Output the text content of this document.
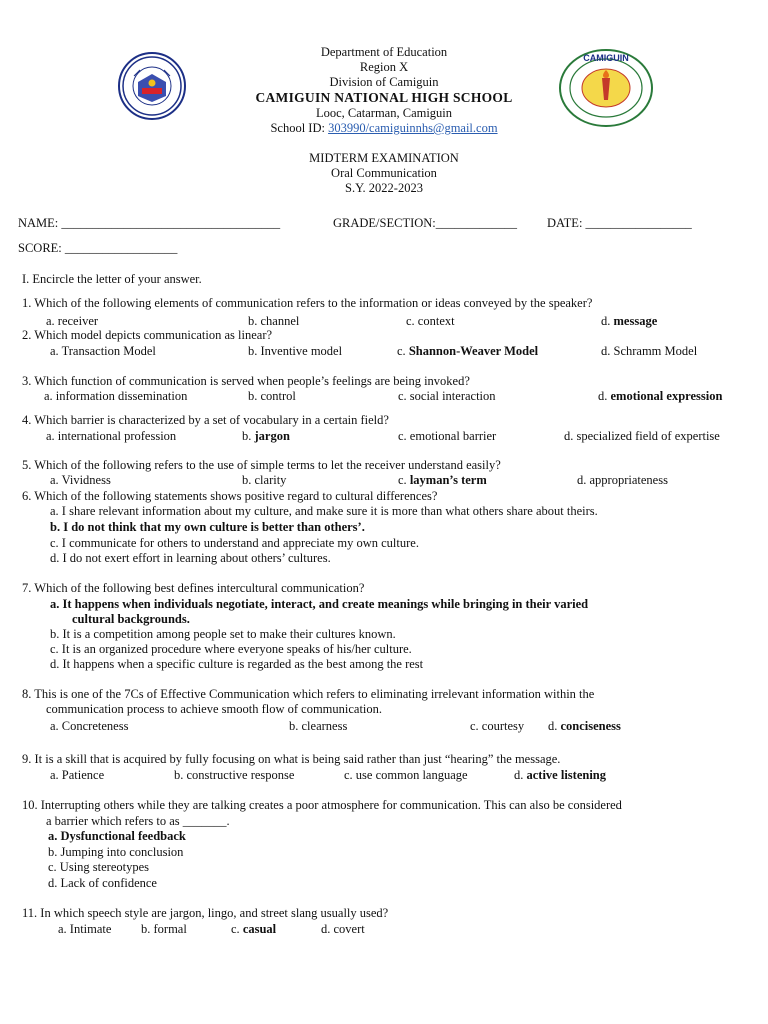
CAMIGUIN
Department of Education
Region X
Division of Camiguin
CAMIGUIN NATIONAL HIGH SCHOOL
Looc, Catarman, Camiguin
School ID: 303990/camiguinnhs@gmail.com
MIDTERM EXAMINATION
Oral Communication
S.Y. 2022-2023
NAME: ___________________________________	GRADE/SECTION:_____________ DATE: _________________
SCORE: __________________
I. Encircle the letter of your answer.
1. Which of the following elements of communication refers to the information or ideas conveyed by the speaker?
a. receiver	b. channel	c. context	d. message
2. Which model depicts communication as linear?
a. Transaction Model	b. Inventive model	c. Shannon-Weaver Model	d. Schramm Model
3. Which function of communication is served when people’s feelings are being invoked?
a. information dissemination	b. control	c. social interaction	d. emotional expression
4. Which barrier is characterized by a set of vocabulary in a certain field?
a. international profession	b. jargon	c. emotional barrier	d. specialized field of expertise
5. Which of the following refers to the use of simple terms to let the receiver understand easily?
a. Vividness	b. clarity	c. layman’s term	d. appropriateness
6. Which of the following statements shows positive regard to cultural differences?
a. I share relevant information about my culture, and make sure it is more than what others share about theirs.
b. I do not think that my own culture is better than others’.
c. I communicate for others to understand and appreciate my own culture.
d. I do not exert effort in learning about others’ cultures.
7. Which of the following best defines intercultural communication?
a. It happens when individuals negotiate, interact, and create meanings while bringing in their varied
cultural backgrounds.
b. It is a competition among people set to make their cultures known.
c. It is an organized procedure where everyone speaks of his/her culture.
d. It happens when a specific culture is regarded as the best among the rest
8. This is one of the 7Cs of Effective Communication which refers to eliminating irrelevant information within the
communication process to achieve smooth flow of communication.
a. Concreteness	b. clearness	c. courtesy d. conciseness
9. It is a skill that is acquired by fully focusing on what is being said rather than just “hearing” the message.
a. Patience	b. constructive response	c. use common language	d. active listening
10. Interrupting others while they are talking creates a poor atmosphere for communication. This can also be considered
a barrier which refers to as _______.
a. Dysfunctional feedback
b. Jumping into conclusion
c. Using stereotypes
d. Lack of confidence
11. In which speech style are jargon, lingo, and street slang usually used?
a. Intimate b. formal	c. casual	d. covert
